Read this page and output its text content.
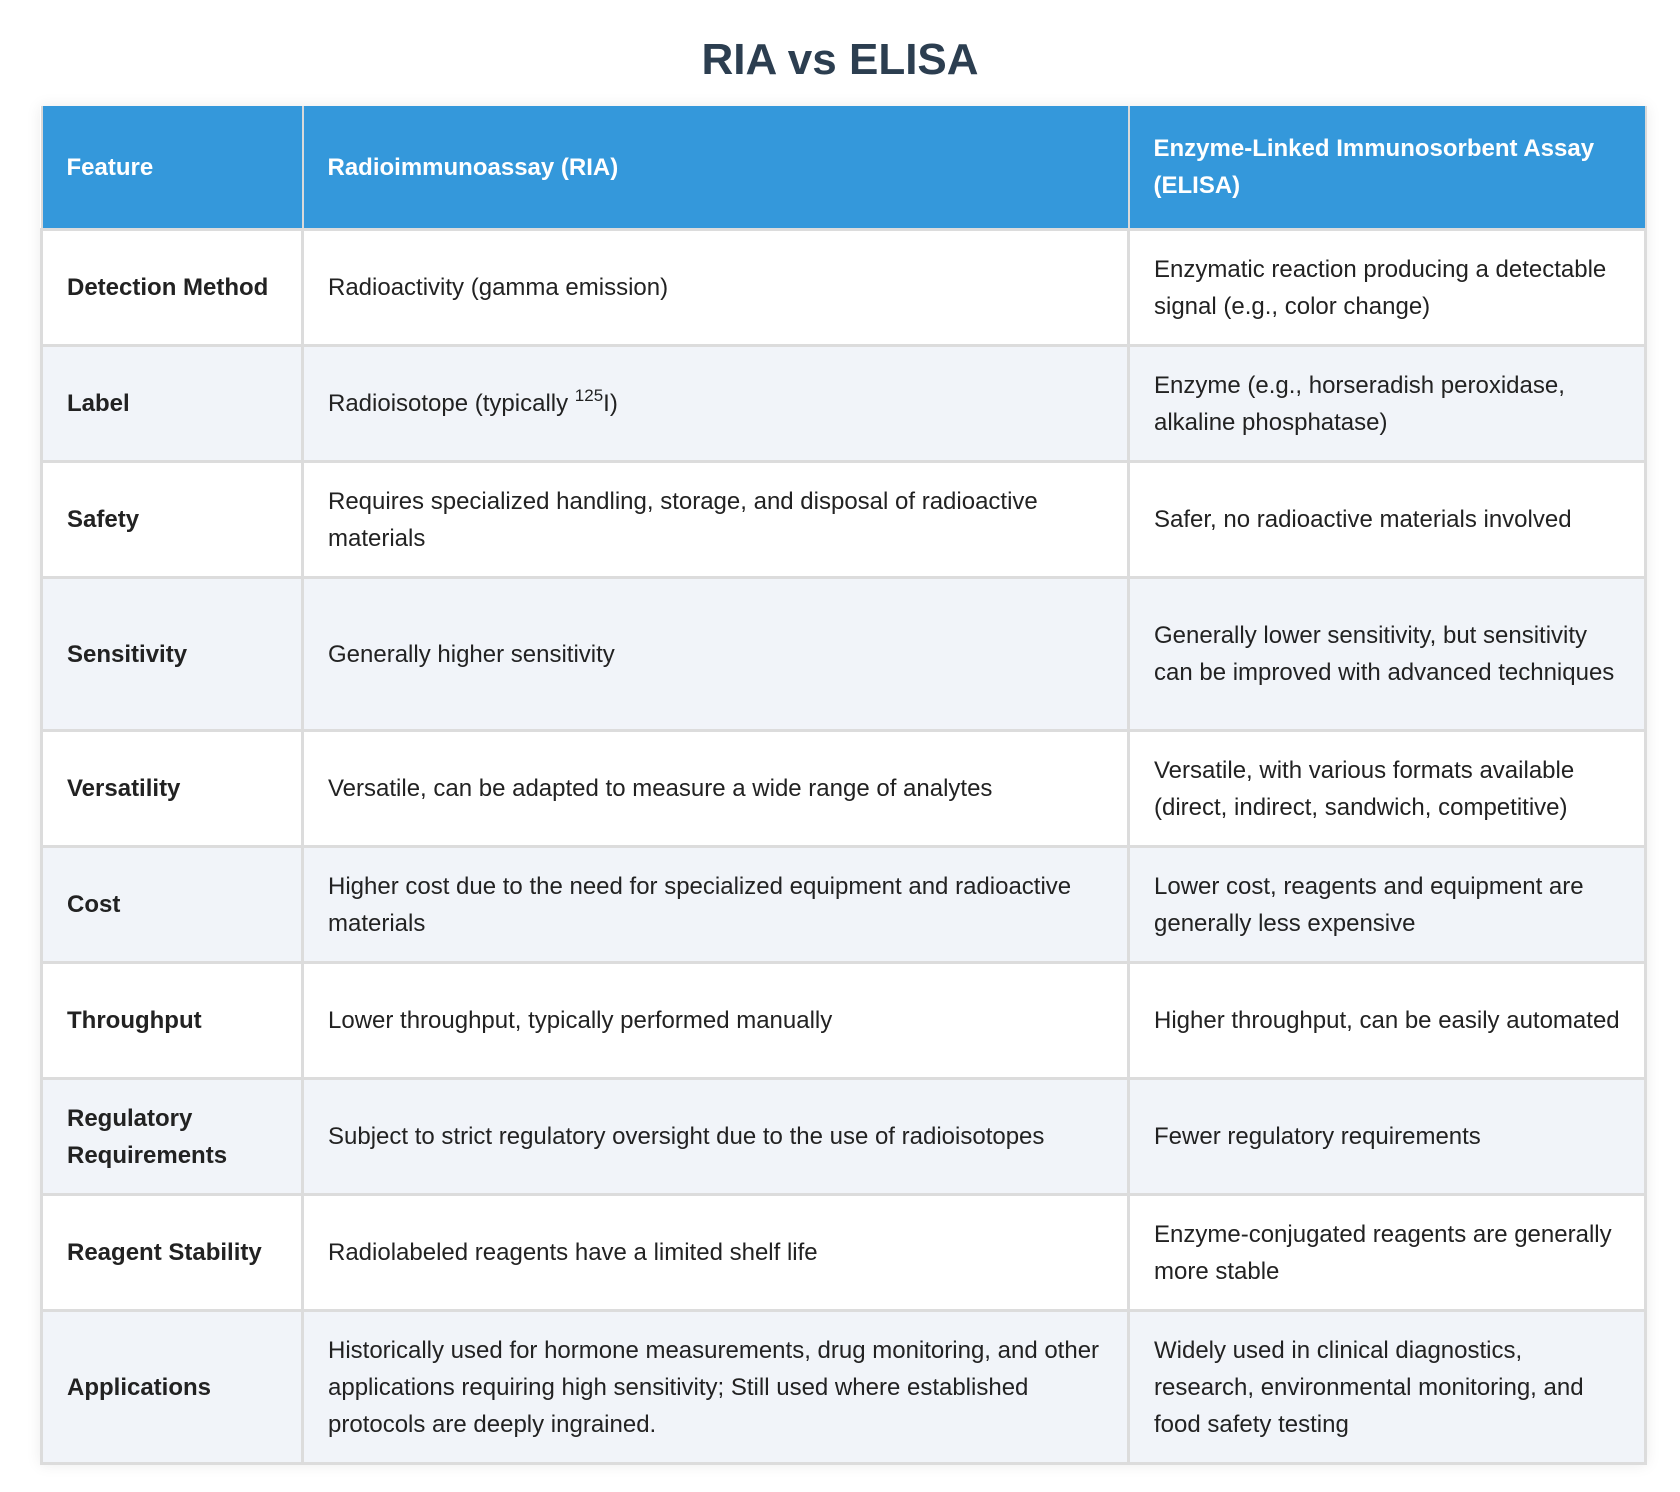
RIA vs ELISA
Feature	Radioimmunoassay (RIA)	Enzyme-Linked Immunosorbent Assay (ELISA)
Detection Method	Radioactivity (gamma emission)	Enzymatic reaction producing a detectable signal (e.g., color change)
Label	Radioisotope (typically $^{125}$I)	Enzyme (e.g., horseradish peroxidase, alkaline phosphatase)
Safety	Requires specialized handling, storage, and disposal of radioactive materials	Safer, no radioactive materials involved
Sensitivity	Generally higher sensitivity	Generally lower sensitivity, but sensitivity can be improved with advanced techniques
Versatility	Versatile, can be adapted to measure a wide range of analytes	Versatile, with various formats available (direct, indirect, sandwich, competitive)
Cost	Higher cost due to the need for specialized equipment and radioactive materials	Lower cost, reagents and equipment are generally less expensive
Throughput	Lower throughput, typically performed manually	Higher throughput, can be easily automated
Regulatory Requirements	Subject to strict regulatory oversight due to the use of radioisotopes	Fewer regulatory requirements
Reagent Stability	Radiolabeled reagents have a limited shelf life	Enzyme-conjugated reagents are generally more stable
Applications	Historically used for hormone measurements, drug monitoring, and other applications requiring high sensitivity; Still used where established protocols are deeply ingrained.	Widely used in clinical diagnostics, research, environmental monitoring, and food safety testing
